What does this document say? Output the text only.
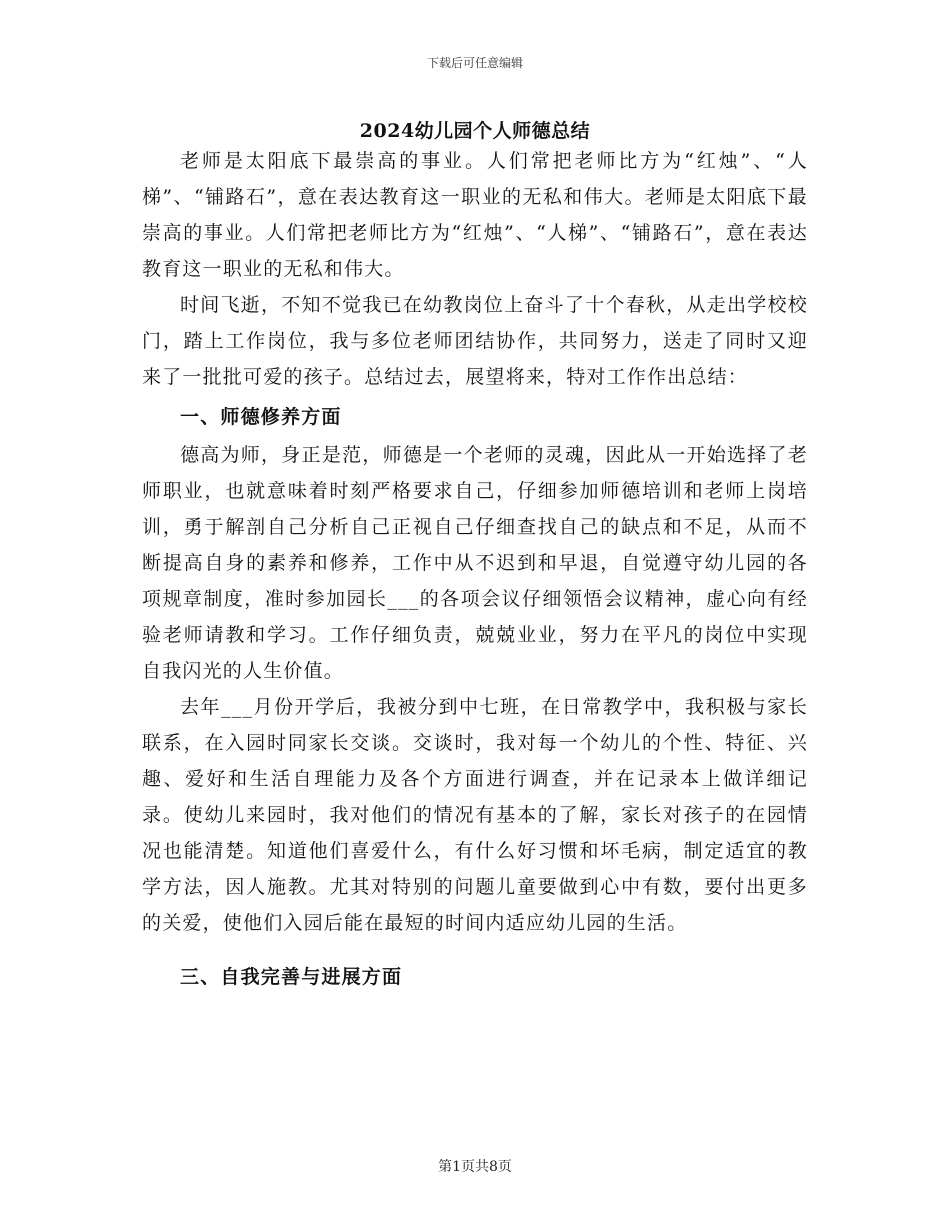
下载后可任意编辑
2024幼儿园个人师德总结

老师是太阳底下最崇高的事业。人们常把老师比方为“红烛”、“人梯”、“铺路石”，意在表达教育这一职业的无私和伟大。老师是太阳底下最崇高的事业。人们常把老师比方为“红烛”、“人梯”、“铺路石”，意在表达教育这一职业的无私和伟大。

时间飞逝，不知不觉我已在幼教岗位上奋斗了十个春秋，从走出学校校门，踏上工作岗位，我与多位老师团结协作，共同努力，送走了同时又迎来了一批批可爱的孩子。总结过去，展望将来，特对工作作出总结：

一、师德修养方面

德高为师，身正是范，师德是一个老师的灵魂，因此从一开始选择了老师职业，也就意味着时刻严格要求自己，仔细参加师德培训和老师上岗培训，勇于解剖自己分析自己正视自己仔细查找自己的缺点和不足，从而不断提高自身的素养和修养，工作中从不迟到和早退，自觉遵守幼儿园的各项规章制度，准时参加园长___的各项会议仔细领悟会议精神，虚心向有经验老师请教和学习。工作仔细负责，兢兢业业，努力在平凡的岗位中实现自我闪光的人生价值。

去年___月份开学后，我被分到中七班，在日常教学中，我积极与家长联系，在入园时同家长交谈。交谈时，我对每一个幼儿的个性、特征、兴趣、爱好和生活自理能力及各个方面进行调查，并在记录本上做详细记录。使幼儿来园时，我对他们的情况有基本的了解，家长对孩子的在园情况也能清楚。知道他们喜爱什么，有什么好习惯和坏毛病，制定适宜的教学方法，因人施教。尤其对特别的问题儿童要做到心中有数，要付出更多的关爱，使他们入园后能在最短的时间内适应幼儿园的生活。

三、自我完善与进展方面
第1页共8页
